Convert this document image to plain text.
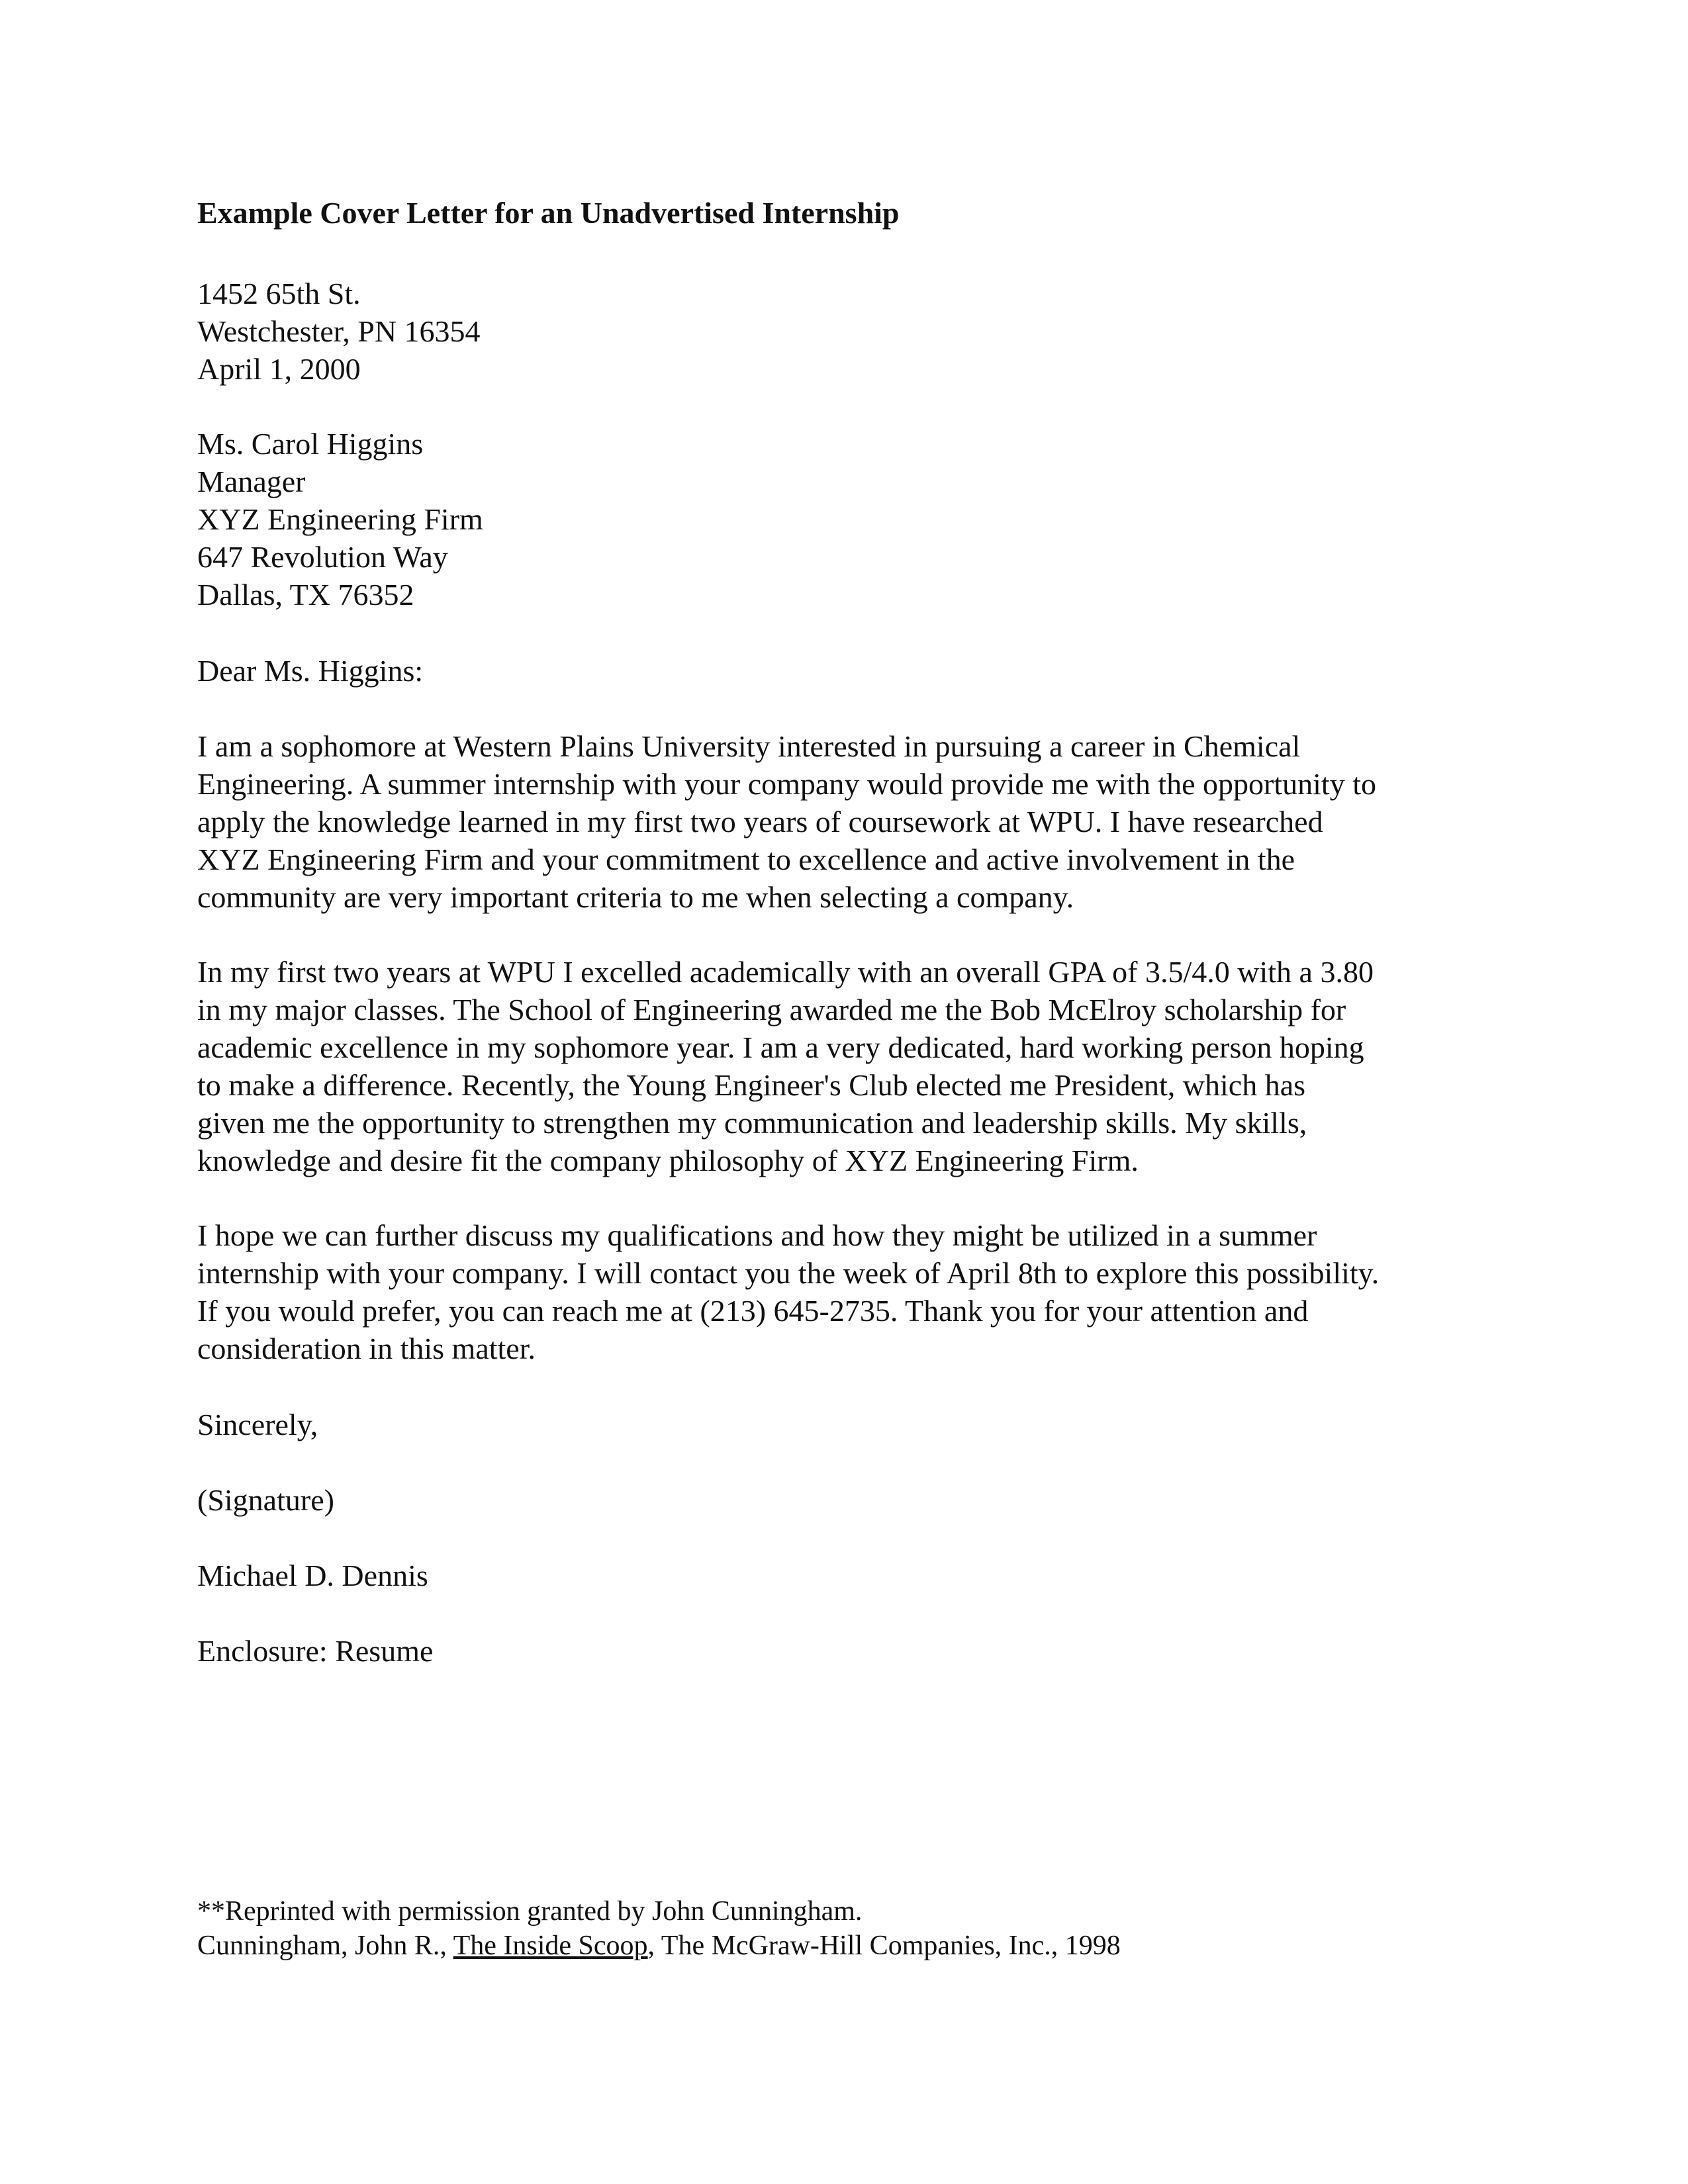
Example Cover Letter for an Unadvertised Internship
1452 65th St.
Westchester, PN 16354
April 1, 2000
Ms. Carol Higgins
Manager
XYZ Engineering Firm
647 Revolution Way
Dallas, TX 76352
Dear Ms. Higgins:
I am a sophomore at Western Plains University interested in pursuing a career in Chemical
Engineering. A summer internship with your company would provide me with the opportunity to
apply the knowledge learned in my first two years of coursework at WPU. I have researched
XYZ Engineering Firm and your commitment to excellence and active involvement in the
community are very important criteria to me when selecting a company.
In my first two years at WPU I excelled academically with an overall GPA of 3.5/4.0 with a 3.80
in my major classes. The School of Engineering awarded me the Bob McElroy scholarship for
academic excellence in my sophomore year. I am a very dedicated, hard working person hoping
to make a difference. Recently, the Young Engineer's Club elected me President, which has
given me the opportunity to strengthen my communication and leadership skills. My skills,
knowledge and desire fit the company philosophy of XYZ Engineering Firm.
I hope we can further discuss my qualifications and how they might be utilized in a summer
internship with your company. I will contact you the week of April 8th to explore this possibility.
If you would prefer, you can reach me at (213) 645-2735. Thank you for your attention and
consideration in this matter.
Sincerely,
(Signature)
Michael D. Dennis
Enclosure: Resume
**Reprinted with permission granted by John Cunningham.
Cunningham, John R., The Inside Scoop, The McGraw-Hill Companies, Inc., 1998
